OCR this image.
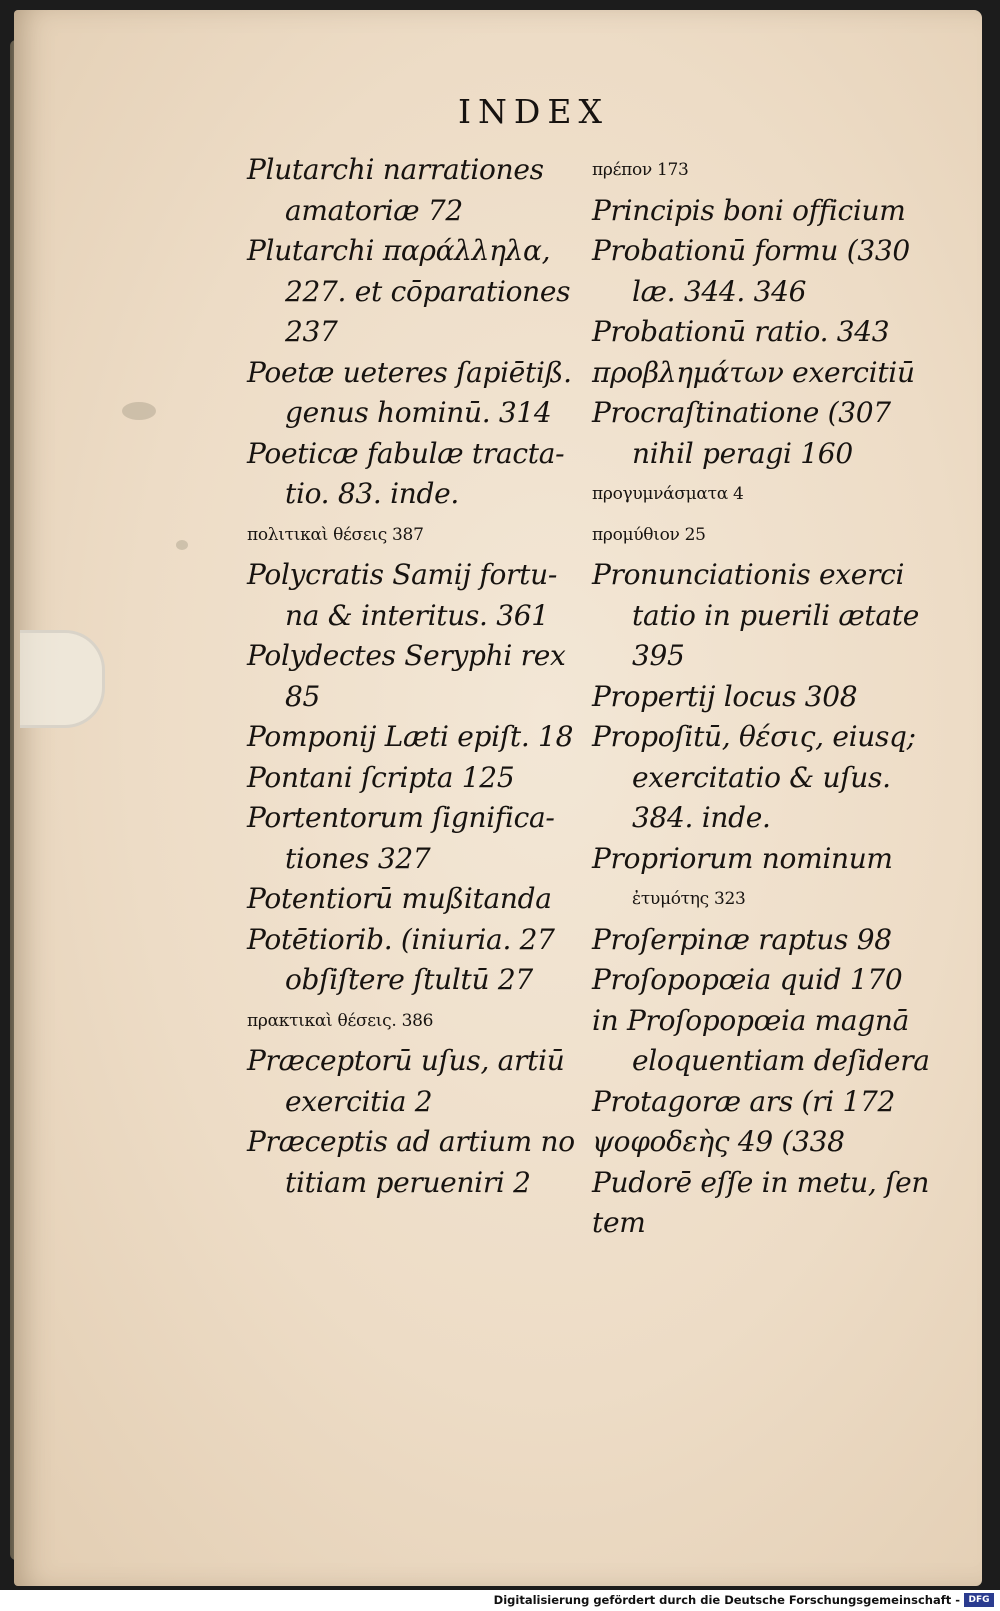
INDEX
Plutarchi narrationes
amatoriæ 72
Plutarchi παράλληλα,
227. et cōparationes
237
Poetæ ueteres ſapiētiß.
genus hominū. 314
Poeticæ fabulæ tracta-
tio. 83. inde.
πολιτικαὶ θέσεις 387
Polycratis Samij fortu-
na & interitus. 361
Polydectes Seryphi rex
85
Pomponij Læti epiſt. 18
Pontani ſcripta 125
Portentorum ſignifica-
tiones 327
Potentiorū mußitanda
Potētiorib. (iniuria. 27
obſiſtere ſtultū 27
πρακτικαὶ θέσεις. 386
Præceptorū uſus, artiū
exercitia 2
Præceptis ad artium no
titiam perueniri 2
πρέπον 173
Principis boni officium
Probationū formu (330
læ. 344. 346
Probationū ratio. 343
προβλημάτων exercitiū
Procraſtinatione (307
nihil peragi 160
προγυμνάσματα 4
προμύθιον 25
Pronunciationis exerci
tatio in puerili ætate
395
Propertij locus 308
Propoſitū, θέσις, eiusq;
exercitatio & uſus.
384. inde.
Propriorum nominum
ἐτυμότης 323
Proſerpinæ raptus 98
Proſopopœia quid 170
in Proſopopœia magnā
eloquentiam deſidera
Protagoræ ars (ri 172
ψοφοδεὴς 49 (338
Pudorē eſſe in metu, ſen
tem
Digitalisierung gefördert durch die Deutsche Forschungsgemeinschaft - DFG
